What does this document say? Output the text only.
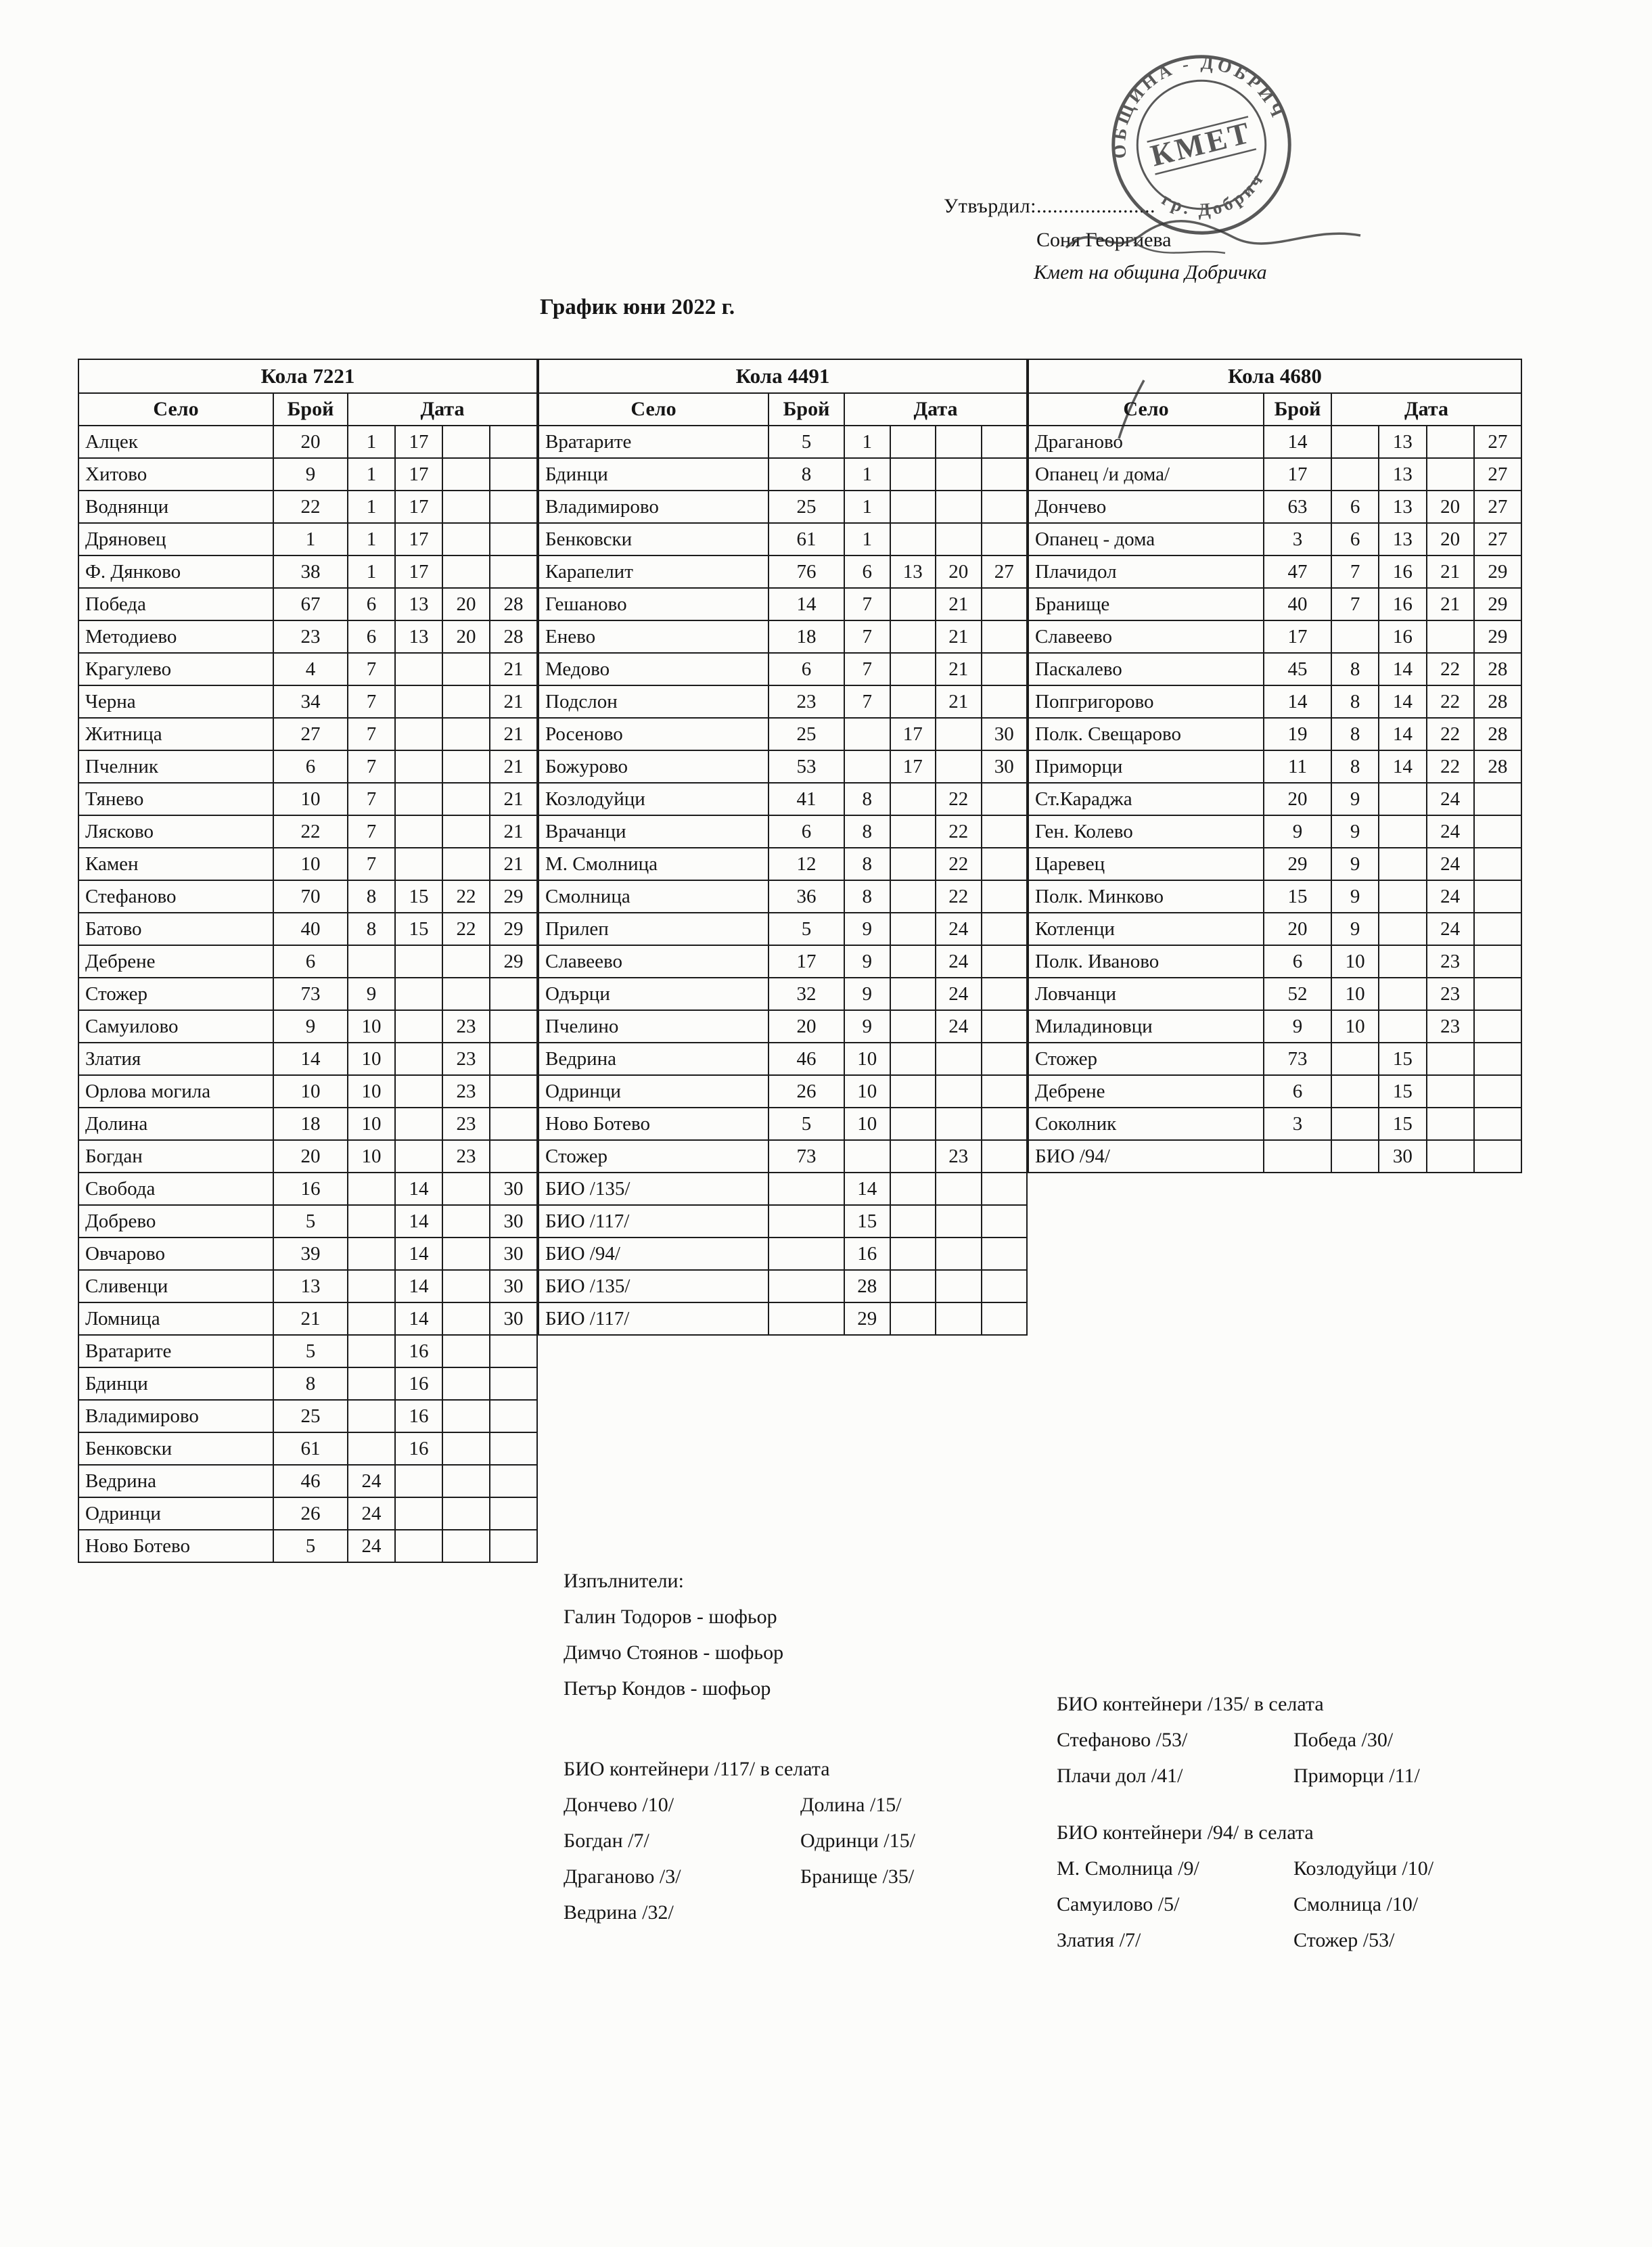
Утвърдил:......................
Соня Георгиева
Кмет на община Добричка
ОБЩИНА - ДОБРИЧ
гр. Добрич
КМЕТ
График юни 2022 г.
Кола 7221					
Село	Брой	Дата			
Алцек	20	1	17		
Хитово	9	1	17		
Воднянци	22	1	17		
Дряновец	1	1	17		
Ф. Дянково	38	1	17		
Победа	67	6	13	20	28
Методиево	23	6	13	20	28
Крагулево	4	7			21
Черна	34	7			21
Житница	27	7			21
Пчелник	6	7			21
Тянево	10	7			21
Лясково	22	7			21
Камен	10	7			21
Стефаново	70	8	15	22	29
Батово	40	8	15	22	29
Дебрене	6				29
Стожер	73	9			
Самуилово	9	10		23	
Златия	14	10		23	
Орлова могила	10	10		23	
Долина	18	10		23	
Богдан	20	10		23	
Свобода	16		14		30
Добрево	5		14		30
Овчарово	39		14		30
Сливенци	13		14		30
Ломница	21		14		30
Вратарите	5		16		
Бдинци	8		16		
Владимирово	25		16		
Бенковски	61		16		
Ведрина	46	24			
Одринци	26	24			
Ново Ботево	5	24			
Кола 4491					
Село	Брой	Дата			
Вратарите	5	1			
Бдинци	8	1			
Владимирово	25	1			
Бенковски	61	1			
Карапелит	76	6	13	20	27
Гешаново	14	7		21	
Енево	18	7		21	
Медово	6	7		21	
Подслон	23	7		21	
Росеново	25		17		30
Божурово	53		17		30
Козлодуйци	41	8		22	
Врачанци	6	8		22	
М. Смолница	12	8		22	
Смолница	36	8		22	
Прилеп	5	9		24	
Славеево	17	9		24	
Одърци	32	9		24	
Пчелино	20	9		24	
Ведрина	46	10			
Одринци	26	10			
Ново Ботево	5	10			
Стожер	73			23	
БИО /135/		14			
БИО /117/		15			
БИО /94/		16			
БИО /135/		28			
БИО /117/		29			
Кола 4680					
Село	Брой	Дата			
Драганово	14		13		27
Опанец /и дома/	17		13		27
Дончево	63	6	13	20	27
Опанец - дома	3	6	13	20	27
Плачидол	47	7	16	21	29
Бранище	40	7	16	21	29
Славеево	17		16		29
Паскалево	45	8	14	22	28
Попгригорово	14	8	14	22	28
Полк. Свещарово	19	8	14	22	28
Приморци	11	8	14	22	28
Ст.Караджа	20	9		24	
Ген. Колево	9	9		24	
Царевец	29	9		24	
Полк. Минково	15	9		24	
Котленци	20	9		24	
Полк. Иваново	6	10		23	
Ловчанци	52	10		23	
Миладиновци	9	10		23	
Стожер	73		15		
Дебрене	6		15		
Соколник	3		15		
БИО /94/			30		
Изпълнители:
Галин Тодоров - шофьор
Димчо Стоянов - шофьор
Петър Кондов - шофьор
БИО контейнери /135/ в селата
Стефаново /53/	Победа /30/
Плачи дол /41/	Приморци /11/
БИО контейнери /117/ в селата
Дончево /10/	Долина /15/
Богдан /7/	Одринци /15/
Драганово /3/	Бранище /35/
Ведрина /32/
БИО контейнери /94/ в селата
М. Смолница /9/	Козлодуйци /10/
Самуилово /5/	Смолница /10/
Златия /7/	Стожер /53/
